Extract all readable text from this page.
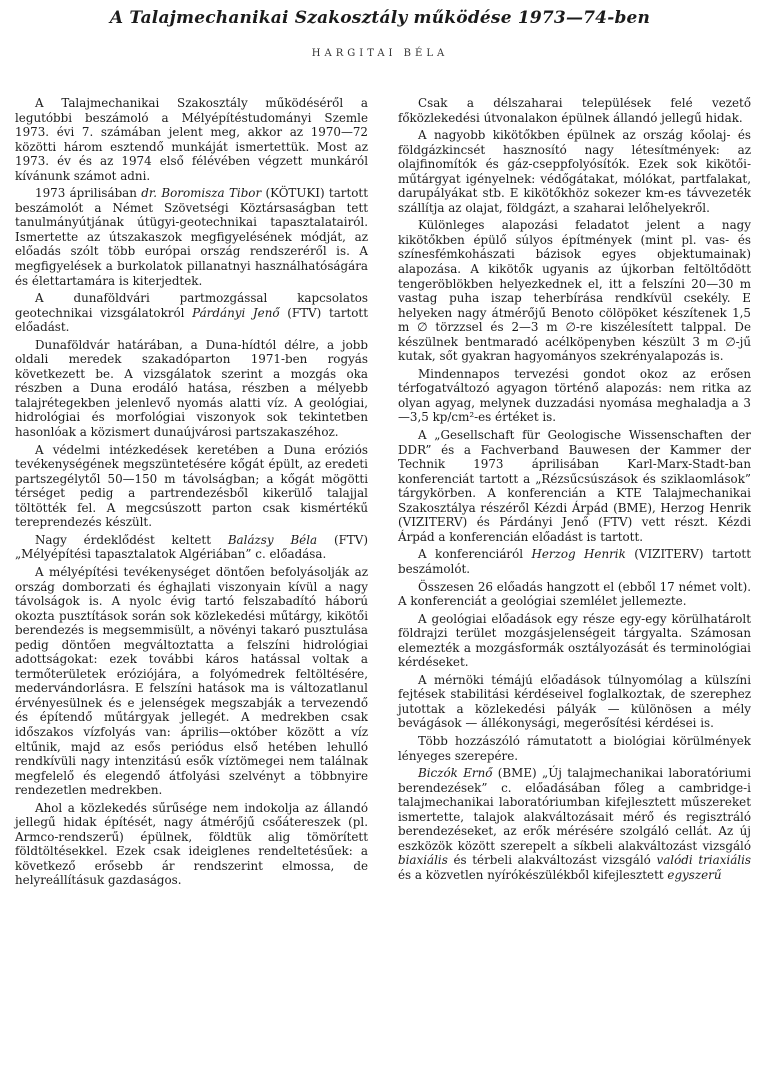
A Talajmechanikai Szakosztály működése 1973—74-ben
HARGITAI BÉLA

A Talajmechanikai Szakosztály működéséről a legutóbbi beszámoló a Mélyépítéstudományi Szemle 1973. évi 7. számában jelent meg, akkor az 1970—72 közötti három esztendő munkáját ismertettük. Most az 1973. év és az 1974 első félévében végzett munkáról kívánunk számot adni.

1973 áprilisában dr. Boromisza Tibor (KÖTUKI) tartott beszámolót a Német Szövetségi Köztársaságban tett tanulmányútjának útügyi-geotechnikai tapasztalatairól. Ismertette az útszakaszok megfigyelésének módját, az előadás szólt több európai ország rendszeréről is. A megfigyelések a burkolatok pillanatnyi használhatóságára és élettartamára is kiterjedtek.

A dunaföldvári partmozgással kapcsolatos geotechnikai vizsgálatokról Párdányi Jenő (FTV) tartott előadást.

Dunaföldvár határában, a Duna-hídtól délre, a jobb oldali meredek szakadóparton 1971-ben rogyás következett be. A vizsgálatok szerint a mozgás oka részben a Duna erodáló hatása, részben a mélyebb talajrétegekben jelenlevő nyomás alatti víz. A geológiai, hidrológiai és morfológiai viszonyok sok tekintetben hasonlóak a közismert dunaújvárosi partszakaszéhoz.

A védelmi intézkedések keretében a Duna eróziós tevékenységének megszüntetésére kőgát épült, az eredeti partszegélytől 50—150 m távolságban; a kőgát mögötti térséget pedig a partrendezésből kikerülő talajjal töltötték fel. A megcsúszott parton csak kismértékű tereprendezés készült.

Nagy érdeklődést keltett Balázsy Béla (FTV) „Mélyépítési tapasztalatok Algériában” c. előadása.

A mélyépítési tevékenységet döntően befolyásolják az ország domborzati és éghajlati viszonyain kívül a nagy távolságok is. A nyolc évig tartó felszabadító háború okozta pusztítások során sok közlekedési műtárgy, kikötői berendezés is megsemmisült, a növényi takaró pusztulása pedig döntően megváltoztatta a felszíni hidrológiai adottságokat: ezek további káros hatással voltak a termőterületek eróziójára, a folyómedrek feltöltésére, medervándorlásra. E felszíni hatások ma is változatlanul érvényesülnek és e jelenségek megszabják a tervezendő és építendő műtárgyak jellegét. A medrekben csak időszakos vízfolyás van: április—október között a víz eltűnik, majd az esős periódus első hetében lehulló rendkívüli nagy intenzitású esők víztömegei nem találnak megfelelő és elegendő átfolyási szelvényt a többnyire rendezetlen medrekben.

Ahol a közlekedés sűrűsége nem indokolja az állandó jellegű hidak építését, nagy átmérőjű csőátereszek (pl. Armco-rendszerű) épülnek, földtük alig tömörített földtöltésekkel. Ezek csak ideiglenes rendeltetésűek: a következő erősebb ár rendszerint elmossa, de helyreállításuk gazdaságos.

Csak a délszaharai települések felé vezető főközlekedési útvonalakon épülnek állandó jellegű hidak.

A nagyobb kikötőkben épülnek az ország kőolaj- és földgázkincsét hasznosító nagy létesítmények: az olajfinomítók és gáz-cseppfolyósítók. Ezek sok kikötői-műtárgyat igényelnek: védőgátakat, mólókat, partfalakat, darupályákat stb. E kikötőkhöz sokezer km-es távvezeték szállítja az olajat, földgázt, a szaharai lelőhelyekről.

Különleges alapozási feladatot jelent a nagy kikötőkben épülő súlyos építmények (mint pl. vas- és színesfémkohászati bázisok egyes objektumainak) alapozása. A kikötők ugyanis az újkorban feltöltődött tengeröblökben helyezkednek el, itt a felszíni 20—30 m vastag puha iszap teherbírása rendkívül csekély. E helyeken nagy átmérőjű Benoto cölöpöket készítenek 1,5 m ∅ törzzsel és 2—3 m ∅-re kiszélesített talppal. De készülnek bentmaradó acélköpenyben készült 3 m ∅-jű kutak, sőt gyakran hagyományos szekrényalapozás is.

Mindennapos tervezési gondot okoz az erősen térfogatváltozó agyagon történő alapozás: nem ritka az olyan agyag, melynek duzzadási nyomása meghaladja a 3—3,5 kp/cm²-es értéket is.

A „Gesellschaft für Geologische Wissenschaften der DDR” és a Fachverband Bauwesen der Kammer der Technik 1973 áprilisában Karl-Marx-Stadt-ban konferenciát tartott a „Rézsűcsúszások és sziklaomlások” tárgykörben. A konferencián a KTE Talajmechanikai Szakosztálya részéről Kézdi Árpád (BME), Herzog Henrik (VIZITERV) és Párdányi Jenő (FTV) vett részt. Kézdi Árpád a konferencián előadást is tartott.

A konferenciáról Herzog Henrik (VIZITERV) tartott beszámolót.

Összesen 26 előadás hangzott el (ebből 17 német volt). A konferenciát a geológiai szemlélet jellemezte.

A geológiai előadások egy része egy-egy körülhatárolt földrajzi terület mozgásjelenségeit tárgyalta. Számosan elemezték a mozgásformák osztályozását és terminológiai kérdéseket.

A mérnöki témájú előadások túlnyomólag a külszíni fejtések stabilitási kérdéseivel foglalkoztak, de szerephez jutottak a közlekedési pályák — különösen a mély bevágások — állékonysági, megerősítési kérdései is.

Több hozzászóló rámutatott a biológiai körülmények lényeges szerepére.

Biczók Ernő (BME) „Új talajmechanikai laboratóriumi berendezések” c. előadásában főleg a cambridge-i talajmechanikai laboratóriumban kifejlesztett műszereket ismertette, talajok alakváltozásait mérő és regisztráló berendezéseket, az erők mérésére szolgáló cellát. Az új eszközök között szerepelt a síkbeli alakváltozást vizsgáló biaxiális és térbeli alakváltozást vizsgáló valódi triaxiális és a közvetlen nyírókészülékből kifejlesztett egyszerű
